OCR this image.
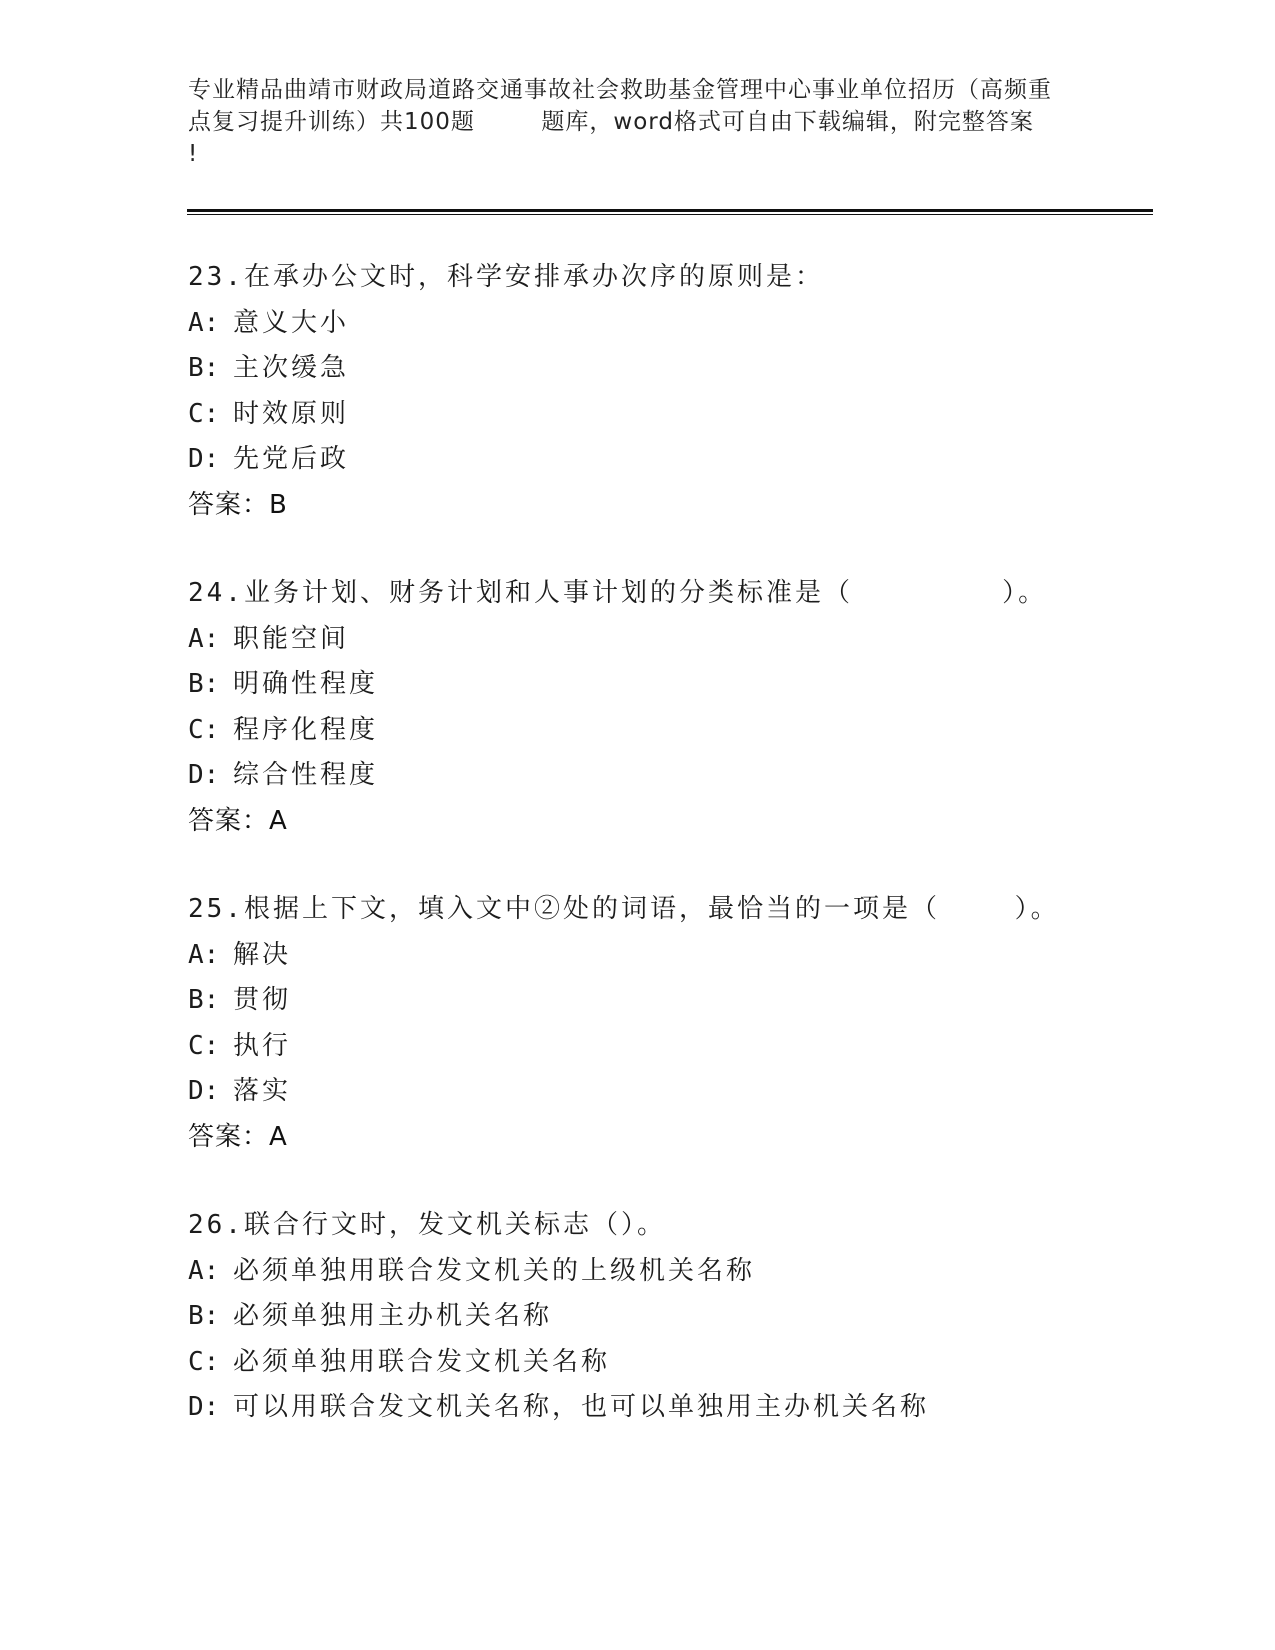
专业精品曲靖市财政局道路交通事故社会救助基金管理中心事业单位招历（高频重
点复习提升训练）共100题        题库，word格式可自由下载编辑，附完整答案
!
23.在承办公文时，科学安排承办次序的原则是：
A: 意义大小
B: 主次缓急
C: 时效原则
D: 先党后政
答案：B
24.业务计划、财务计划和人事计划的分类标准是（        ）。
A: 职能空间
B: 明确性程度
C: 程序化程度
D: 综合性程度
答案：A
25.根据上下文，填入文中②处的词语，最恰当的一项是（    ）。
A: 解决
B: 贯彻
C: 执行
D: 落实
答案：A
26.联合行文时，发文机关标志（）。
A: 必须单独用联合发文机关的上级机关名称
B: 必须单独用主办机关名称
C: 必须单独用联合发文机关名称
D: 可以用联合发文机关名称，也可以单独用主办机关名称
